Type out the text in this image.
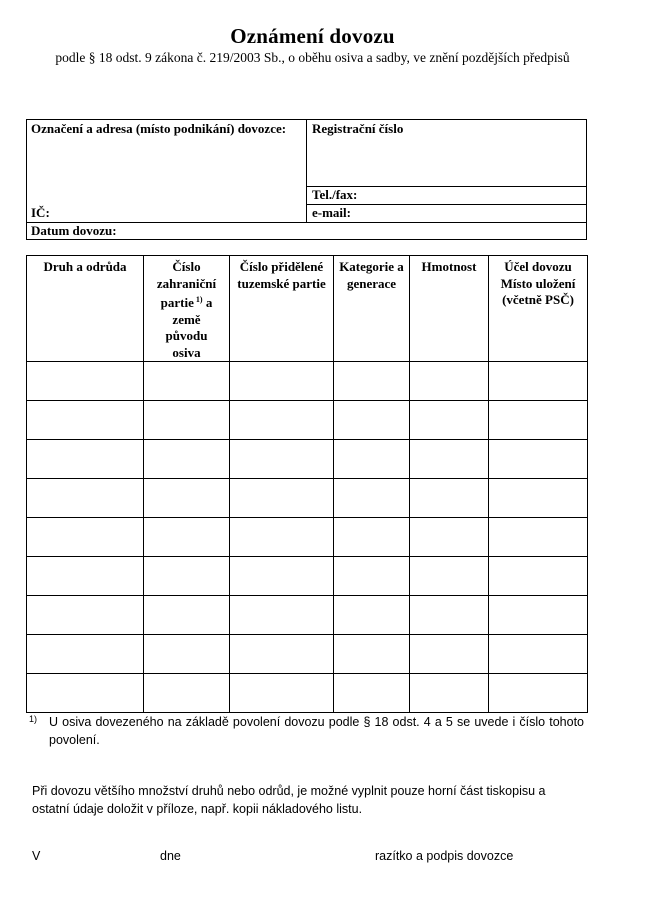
Oznámení dovozu
podle § 18 odst. 9 zákona č. 219/2003 Sb., o oběhu osiva a sadby, ve znění pozdějších předpisů
Označení a adresa (místo podnikání) dovozce:	Registrační číslo
IČ:
Tel./fax:
e-mail:
Datum dovozu:
Druh a odrůda	Číslo zahraniční partie $^{1)}$ a země původu osiva	Číslo přidělené tuzemské partie	Kategorie a generace	Hmotnost	Účel dovozu Místo uložení (včetně PSČ)

1) U osiva dovezeného na základě povolení dovozu podle § 18 odst. 4 a 5 se uvede i číslo tohoto povolení.
Při dovozu většího množství druhů nebo odrůd, je možné vyplnit pouze horní část tiskopisu a ostatní údaje doložit v příloze, např. kopii nákladového listu.
V	dne	razítko a podpis dovozce
